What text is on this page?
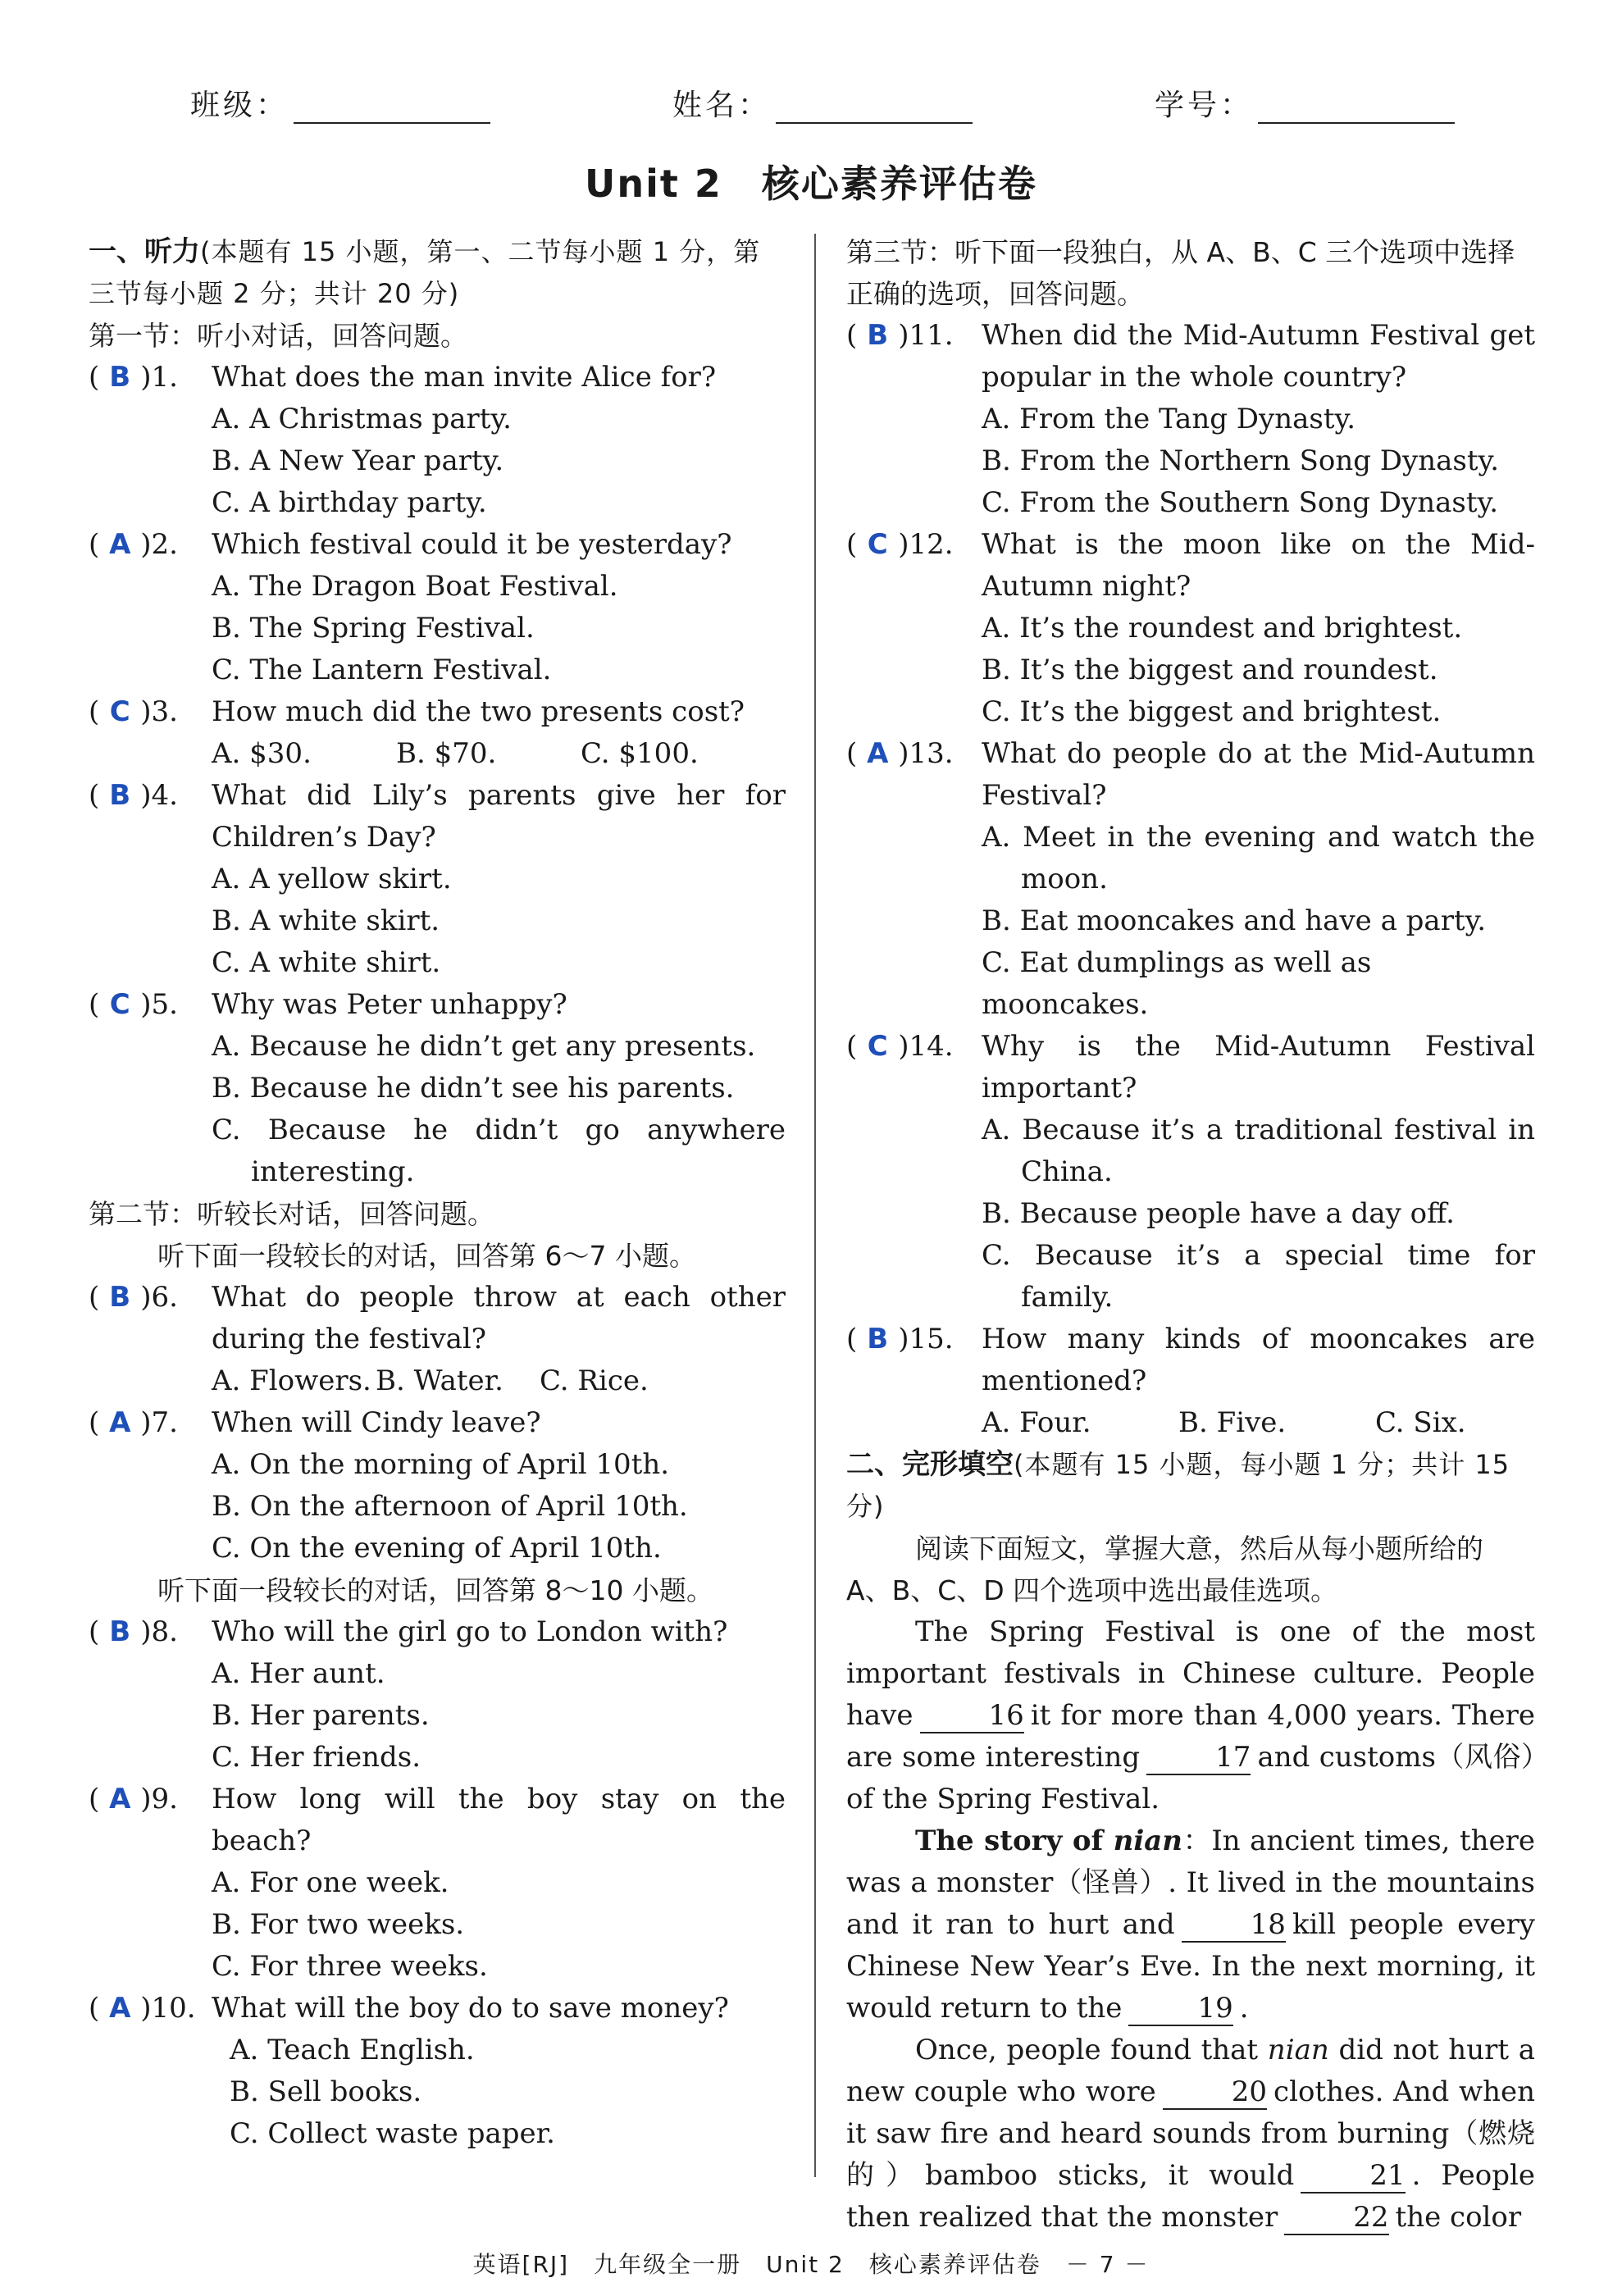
班级：	姓名：	学号：
Unit 2　核心素养评估卷
一、听力(本题有 15 小题，第一、二节每小题 1 分，第三节每小题 2 分；共计 20 分)
第一节：听小对话，回答问题。
( B )1.	What does the man invite Alice for?
A. A Christmas party.
B. A New Year party.
C. A birthday party.
( A )2.	Which festival could it be yesterday?
A. The Dragon Boat Festival.
B. The Spring Festival.
C. The Lantern Festival.
( C )3.	How much did the two presents cost?
A. $30.	B. $70.	C. $100.
( B )4.	What did Lily’s parents give her for Children’s Day?
A. A yellow skirt.
B. A white skirt.
C. A white shirt.
( C )5.	Why was Peter unhappy?
A. Because he didn’t get any presents.
B. Because he didn’t see his parents.
C. Because he didn’t go anywhere
interesting.
第二节：听较长对话，回答问题。
听下面一段较长的对话，回答第 6～7 小题。
( B )6.	What do people throw at each other during the festival?
A. Flowers. B. Water.	C. Rice.
( A )7.	When will Cindy leave?
A. On the morning of April 10th.
B. On the afternoon of April 10th.
C. On the evening of April 10th.
听下面一段较长的对话，回答第 8～10 小题。
( B )8.	Who will the girl go to London with?
A. Her aunt.
B. Her parents.
C. Her friends.
( A )9.	How long will the boy stay on the beach?
A. For one week.
B. For two weeks.
C. For three weeks.
( A )10. What will the boy do to save money?
A. Teach English.
B. Sell books.
C. Collect waste paper.
第三节：听下面一段独白，从 A、B、C 三个选项中选择正确的选项，回答问题。
( B )11.	When did the Mid-Autumn Festival get popular in the whole country?
A. From the Tang Dynasty.
B. From the Northern Song Dynasty.
C. From the Southern Song Dynasty.
( C )12.	What is the moon like on the Mid-Autumn night?
A. It’s the roundest and brightest.
B. It’s the biggest and roundest.
C. It’s the biggest and brightest.
( A )13.	What do people do at the Mid-Autumn Festival?
A. Meet in the evening and watch the
moon.
B. Eat mooncakes and have a party.
C. Eat dumplings as well as mooncakes.
( C )14.	Why is the Mid-Autumn Festival important?
A. Because it’s a traditional festival in
China.
B. Because people have a day off.
C. Because it’s a special time for
family.
( B )15.	How many kinds of mooncakes are mentioned?
A. Four.	B. Five.	C. Six.
二、完形填空(本题有 15 小题，每小题 1 分；共计 15 分)
阅读下面短文，掌握大意，然后从每小题所给的 A、B、C、D 四个选项中选出最佳选项。
The Spring Festival is one of the most important festivals in Chinese culture. People have	16 it for more than 4,000 years. There are some interesting	17 and customs（风俗）of the Spring Festival.
The story of nian：In ancient times, there was a monster（怪兽）. It lived in the mountains and it ran to hurt and	18 kill people every Chinese New Year’s Eve. In the next morning, it would return to the	19 .
Once, people found that nian did not hurt a new couple who wore	20 clothes. And when it saw fire and heard sounds from burning（燃烧的）bamboo sticks, it would	21 . People then realized that the monster	22 the color
英语[RJ]　九年级全一册　Unit 2　核心素养评估卷　－ 7 －
